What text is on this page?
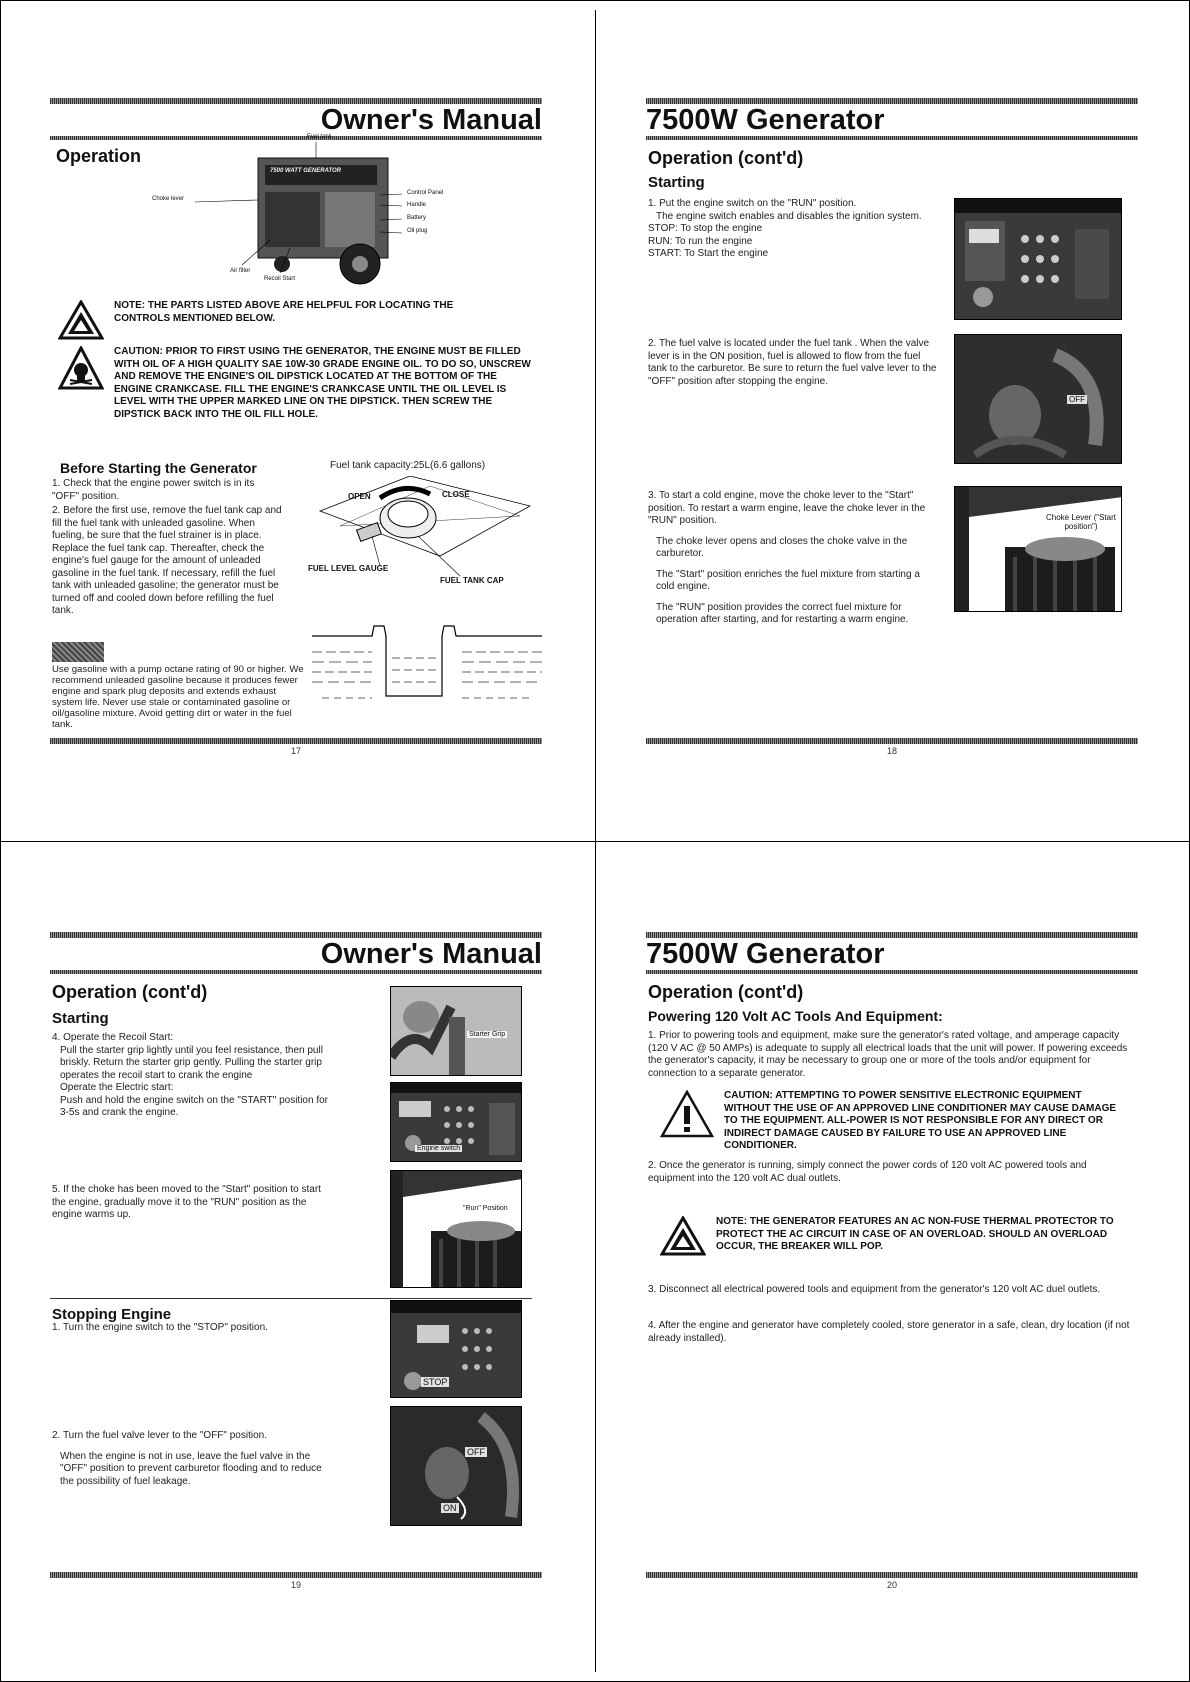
Owner's Manual
Operation
Fuel tank
Choke lever
Control Panel
Handle
Battery
Oil plug
Air filter
Recoil Start
7500 WATT GENERATOR
NOTE: THE PARTS LISTED ABOVE ARE HELPFUL FOR LOCATING THE CONTROLS MENTIONED BELOW.
CAUTION: PRIOR TO FIRST USING THE GENERATOR, THE ENGINE MUST BE FILLED WITH OIL OF A HIGH QUALITY SAE 10W-30 GRADE ENGINE OIL. TO DO SO, UNSCREW AND REMOVE THE ENGINE'S OIL DIPSTICK LOCATED AT THE BOTTOM OF THE ENGINE CRANKCASE. FILL THE ENGINE'S CRANKCASE UNTIL THE OIL LEVEL IS LEVEL WITH THE UPPER MARKED LINE ON THE DIPSTICK. THEN SCREW THE DIPSTICK BACK INTO THE OIL FILL HOLE.
Before Starting the Generator	Fuel tank capacity:25L(6.6 gallons)
1. Check that the engine power switch is in its "OFF" position.
2. Before the first use, remove the fuel tank cap and fill the fuel tank with unleaded gasoline. When fueling, be sure that the fuel strainer is in place. Replace the fuel tank cap. Thereafter, check the engine's fuel gauge for the amount of unleaded gasoline in the fuel tank. If necessary, refill the fuel tank with unleaded gasoline; the generator must be turned off and cooled down before refilling the fuel tank.
OPEN	CLOSE
FUEL LEVEL GAUGE
FUEL TANK CAP
Use gasoline with a pump octane rating of 90 or higher. We recommend unleaded gasoline because it produces fewer engine and spark plug deposits and extends exhaust system life. Never use stale or contaminated gasoline or oil/gasoline mixture. Avoid getting dirt or water in the fuel tank.
17
7500W Generator
Operation (cont'd)
Starting
1. Put the engine switch on the "RUN" position.
The engine switch enables and disables the ignition system.
STOP: To stop the engine
RUN: To run the engine
START: To Start the engine
2. The fuel valve is located under the fuel tank . When the valve lever is in the ON position, fuel is allowed to flow from the fuel tank to the carburetor. Be sure to return the fuel valve lever to the "OFF" position after stopping the engine.
OFF
3. To start a cold engine, move the choke lever to the "Start" position. To restart a warm engine, leave the choke lever in the "RUN" position.
The choke lever opens and closes the choke valve in the carburetor.
The "Start" position enriches the fuel mixture from starting a cold engine.
The "RUN" position provides the correct fuel mixture for operation after starting, and for restarting a warm engine.
Choke Lever ("Start position")
18
Owner's Manual
Operation (cont'd)
Starting
4. Operate the Recoil Start:
Pull the starter grip lightly until you feel resistance, then pull briskly. Return the starter grip gently. Pulling the starter grip operates the recoil start to crank the engine
Operate the Electric start:
Push and hold the engine switch on the "START" position for 3-5s and crank the engine.
Starter Grip
Engine switch
5. If the choke has been moved to the "Start" position to start the engine, gradually move it to the "RUN" position as the engine warms up.
"Run" Position
Stopping Engine
1. Turn the engine switch to the "STOP" position.
STOP
2. Turn the fuel valve lever to the "OFF" position.
When the engine is not in use, leave the fuel valve in the "OFF" position to prevent carburetor flooding and to reduce the possibility of fuel leakage.
OFF
ON
19
7500W Generator
Operation (cont'd)
Powering 120 Volt AC Tools And Equipment:
1. Prior to powering tools and equipment, make sure the generator's rated voltage, and amperage capacity (120 V AC @ 50 AMPs) is adequate to supply all electrical loads that the unit will power. If powering exceeds the generator's capacity, it may be necessary to group one or more of the tools and/or equipment for connection to a separate generator.
CAUTION: ATTEMPTING TO POWER SENSITIVE ELECTRONIC EQUIPMENT WITHOUT THE USE OF AN APPROVED LINE CONDITIONER MAY CAUSE DAMAGE TO THE EQUIPMENT. ALL-POWER IS NOT RESPONSIBLE FOR ANY DIRECT OR INDIRECT DAMAGE CAUSED BY FAILURE TO USE AN APPROVED LINE CONDITIONER.
2. Once the generator is running, simply connect the power cords of 120 volt AC powered tools and equipment into the 120 volt AC dual outlets.
NOTE: THE GENERATOR FEATURES AN AC NON-FUSE THERMAL PROTECTOR TO PROTECT THE AC CIRCUIT IN CASE OF AN OVERLOAD. SHOULD AN OVERLOAD OCCUR, THE BREAKER WILL POP.
3. Disconnect all electrical powered tools and equipment from the generator's 120 volt AC duel outlets.
4. After the engine and generator have completely cooled, store generator in a safe, clean, dry location (if not already installed).
20
